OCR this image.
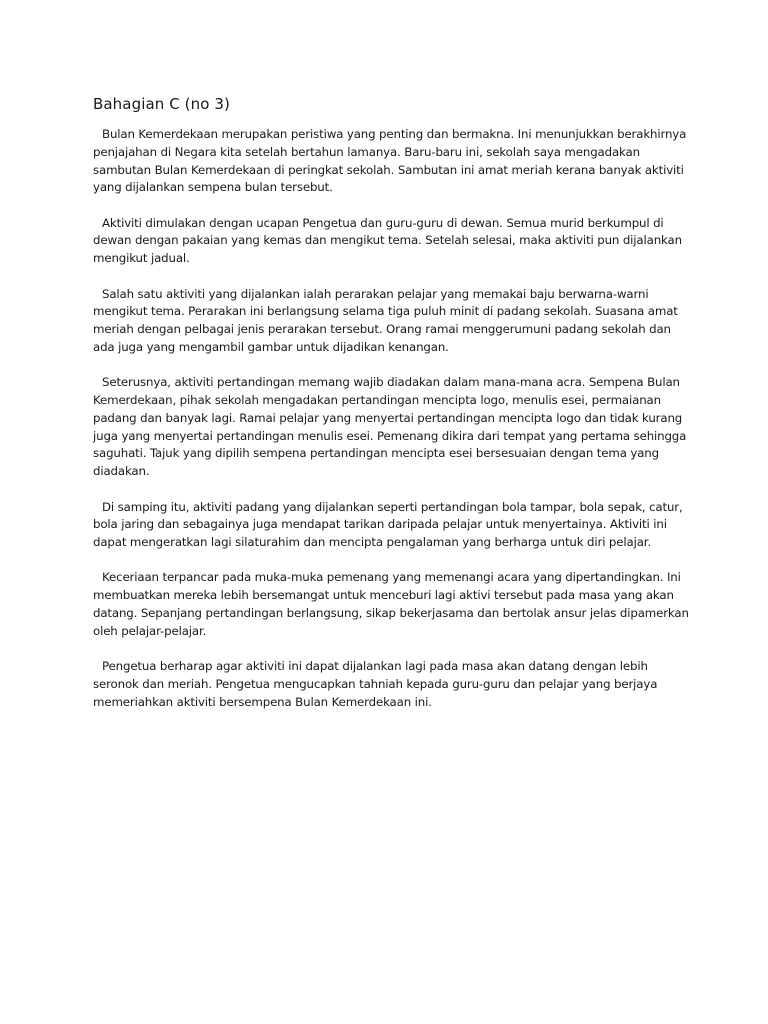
Bahagian C (no 3)

Bulan Kemerdekaan merupakan peristiwa yang penting dan bermakna. Ini menunjukkan berakhirnya penjajahan di Negara kita setelah bertahun lamanya. Baru-baru ini, sekolah saya mengadakan sambutan Bulan Kemerdekaan di peringkat sekolah. Sambutan ini amat meriah kerana banyak aktiviti yang dijalankan sempena bulan tersebut.

Aktiviti dimulakan dengan ucapan Pengetua dan guru-guru di dewan. Semua murid berkumpul di dewan dengan pakaian yang kemas dan mengikut tema. Setelah selesai, maka aktiviti pun dijalankan mengikut jadual.

Salah satu aktiviti yang dijalankan ialah perarakan pelajar yang memakai baju berwarna-warni mengikut tema. Perarakan ini berlangsung selama tiga puluh minit di padang sekolah. Suasana amat meriah dengan pelbagai jenis perarakan tersebut. Orang ramai menggerumuni padang sekolah dan ada juga yang mengambil gambar untuk dijadikan kenangan.

Seterusnya, aktiviti pertandingan memang wajib diadakan dalam mana-mana acra. Sempena Bulan Kemerdekaan, pihak sekolah mengadakan pertandingan mencipta logo, menulis esei, permaianan padang dan banyak lagi. Ramai pelajar yang menyertai pertandingan mencipta logo dan tidak kurang juga yang menyertai pertandingan menulis esei. Pemenang dikira dari tempat yang pertama sehingga saguhati. Tajuk yang dipilih sempena pertandingan mencipta esei bersesuaian dengan tema yang diadakan.

Di samping itu, aktiviti padang yang dijalankan seperti pertandingan bola tampar, bola sepak, catur, bola jaring dan sebagainya juga mendapat tarikan daripada pelajar untuk menyertainya. Aktiviti ini dapat mengeratkan lagi silaturahim dan mencipta pengalaman yang berharga untuk diri pelajar.

Keceriaan terpancar pada muka-muka pemenang yang memenangi acara yang dipertandingkan. Ini membuatkan mereka lebih bersemangat untuk menceburi lagi aktivi tersebut pada masa yang akan datang. Sepanjang pertandingan berlangsung, sikap bekerjasama dan bertolak ansur jelas dipamerkan oleh pelajar-pelajar.

Pengetua berharap agar aktiviti ini dapat dijalankan lagi pada masa akan datang dengan lebih seronok dan meriah. Pengetua mengucapkan tahniah kepada guru-guru dan pelajar yang berjaya memeriahkan aktiviti bersempena Bulan Kemerdekaan ini.
